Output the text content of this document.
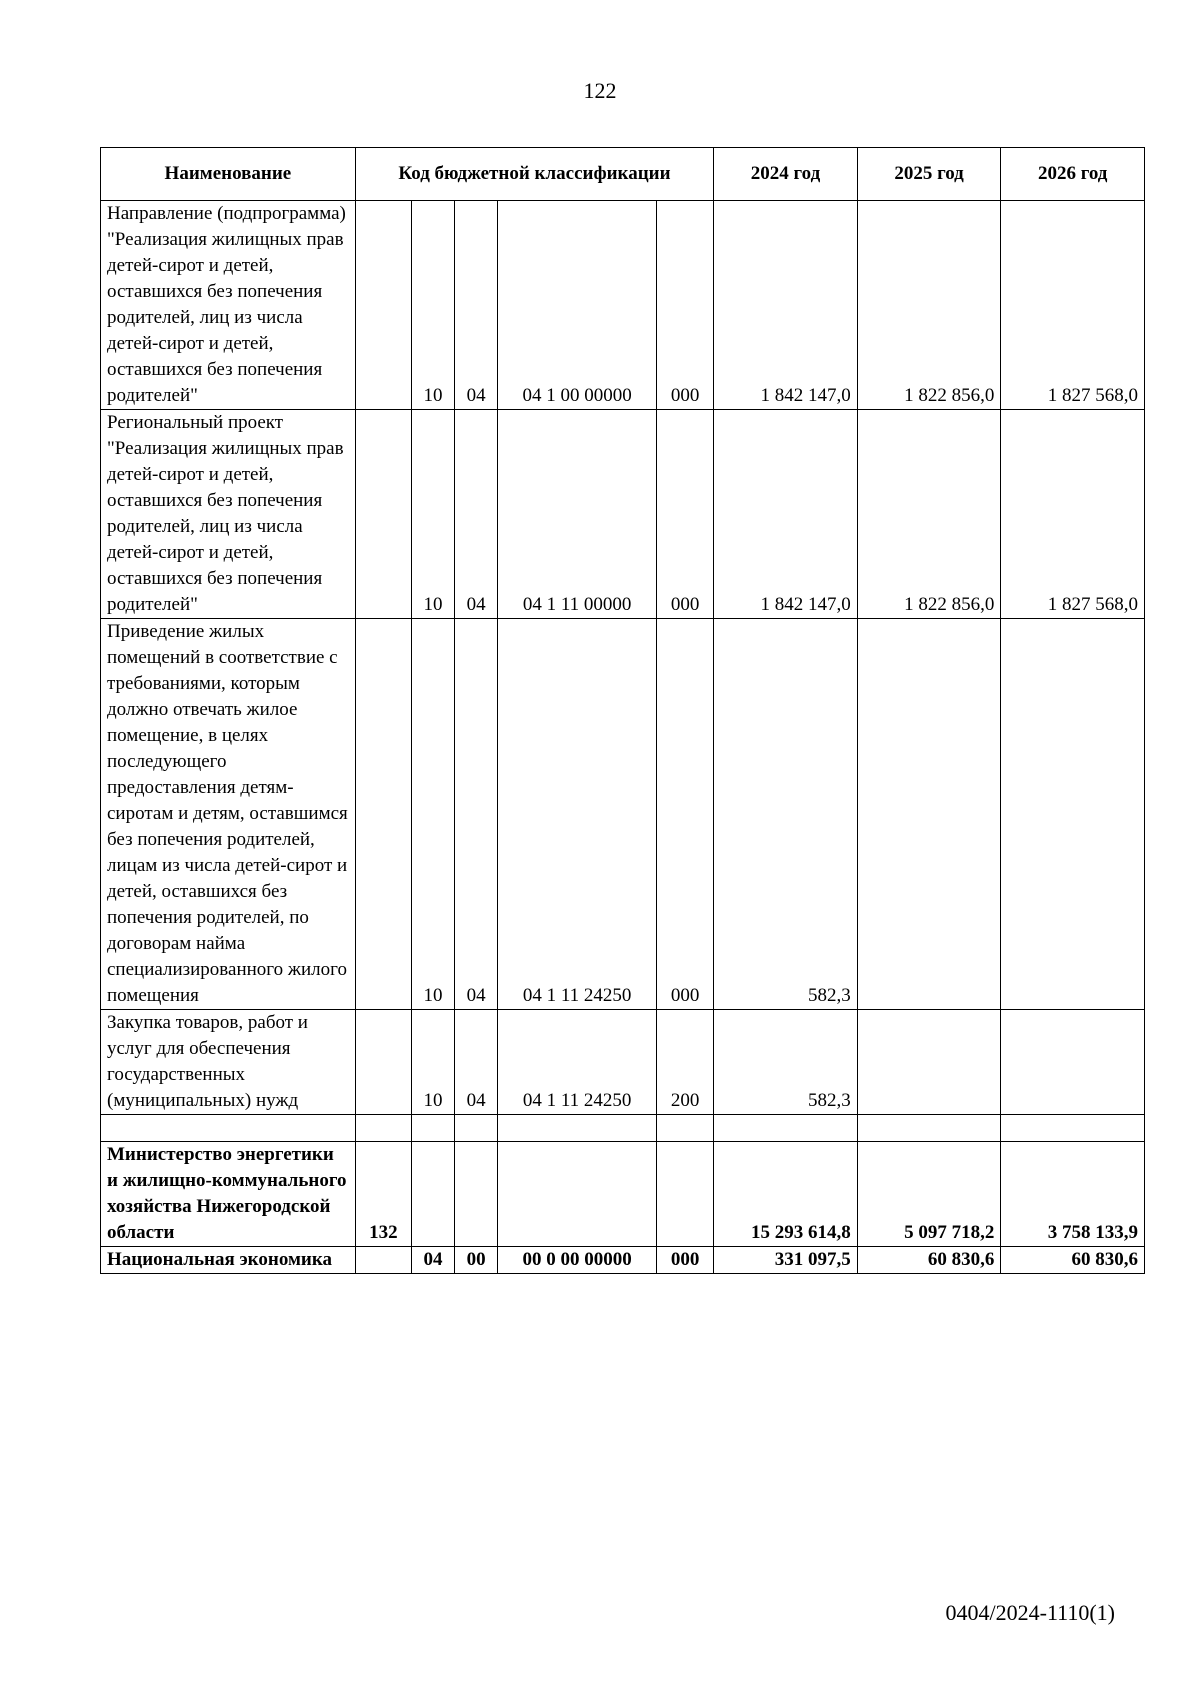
122
Наименование	Код бюджетной классификации					2024 год	2025 год	2026 год
Направление (подпрограмма) "Реализация жилищных прав детей-сирот и детей, оставшихся без попечения родителей, лиц из числа детей-сирот и детей, оставшихся без попечения родителей"		10	04	04 1 00 00000	000	1 842 147,0	1 822 856,0	1 827 568,0
Региональный проект "Реализация жилищных прав детей-сирот и детей, оставшихся без попечения родителей, лиц из числа детей-сирот и детей, оставшихся без попечения родителей"		10	04	04 1 11 00000	000	1 842 147,0	1 822 856,0	1 827 568,0
Приведение жилых помещений в соответствие с требованиями, которым должно отвечать жилое помещение, в целях последующего предоставления детям-сиротам и детям, оставшимся без попечения родителей, лицам из числа детей-сирот и детей, оставшихся без попечения родителей, по договорам найма специализированного жилого помещения		10	04	04 1 11 24250	000	582,3		
Закупка товаров, работ и услуг для обеспечения государственных (муниципальных) нужд		10	04	04 1 11 24250	200	582,3		

Министерство энергетики и жилищно-коммунального хозяйства Нижегородской области	132					15 293 614,8	5 097 718,2	3 758 133,9
Национальная экономика		04	00	00 0 00 00000	000	331 097,5	60 830,6	60 830,6
0404/2024-1110(1)
